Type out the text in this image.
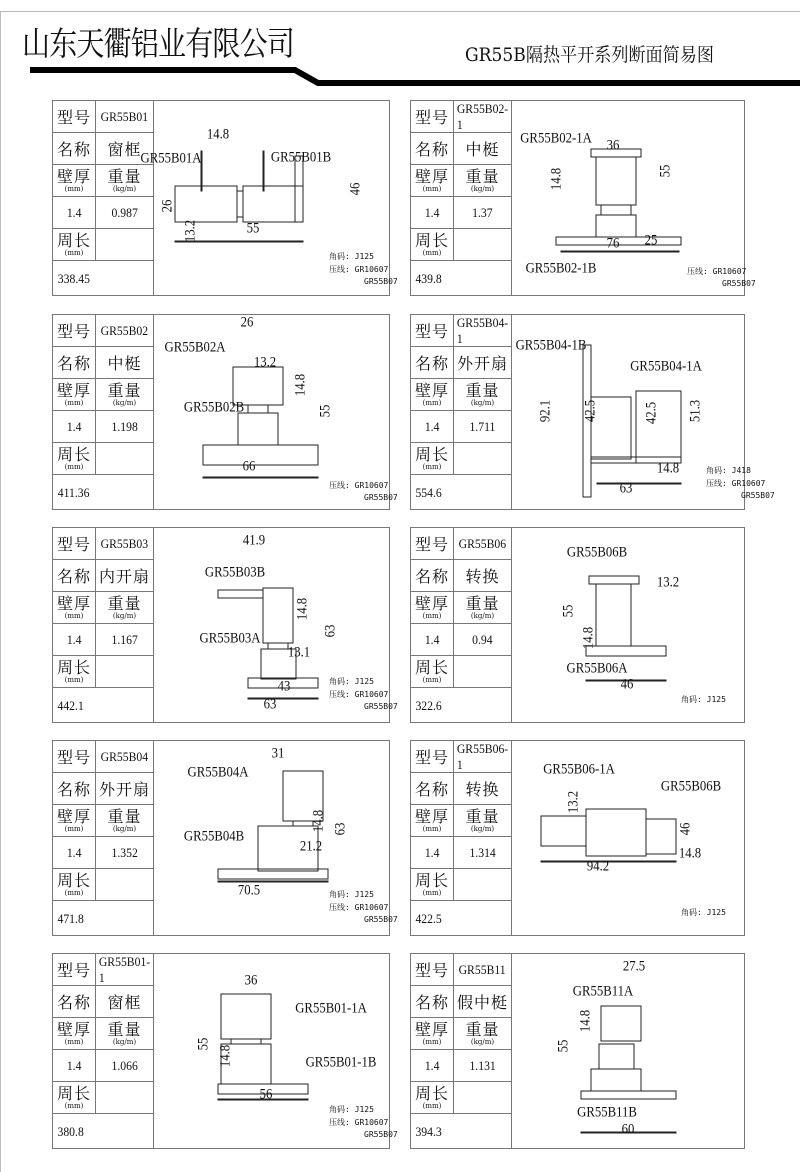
山东天衢铝业有限公司	GR55B隔热平开系列断面简易图
型号 GR55B01
名称 窗框
壁厚
(mm)
重量
(kg/m)
1.4 0.987
周长
(mm)
338.45
14.8
GR55B01A	GR55B01B
26
46
13.2	55
角码: J125
压线: GR10607
GR55B07
型号 GR55B02-1
名称 中梃
壁厚
(mm)
重量
(kg/m)
1.4	1.37
周长
(mm)
439.8
GR55B02-1A 36
14.8	55
76 25
GR55B02-1B	压线: GR10607
GR55B07
型号 GR55B02
名称 中梃
壁厚
(mm)
重量
(kg/m)
1.4 1.198
周长
(mm)
411.36
26
GR55B02A
13.2
14.8
55
GR55B02B
66
压线: GR10607
GR55B07
型号 GR55B04-1
名称 外开扇
壁厚
(mm)
重量
(kg/m)
1.4 1.711
周长
(mm)
554.6
GR55B04-1B
GR55B04-1A
92.1 42.5	42.5 51.3
14.8
63
角码: J418
压线: GR10607
GR55B07
型号 GR55B03
名称 内开扇
壁厚
(mm)
重量
(kg/m)
1.4 1.167
周长
(mm)
442.1
41.9
GR55B03B
14.8
63
GR55B03A
13.1
43
63
角码: J125
压线: GR10607
GR55B07
型号 GR55B06
名称 转换
壁厚
(mm)
重量
(kg/m)
1.4	0.94
周长
(mm)
322.6
GR55B06B
13.2
55
14.8
GR55B06A
46
角码: J125
型号 GR55B04
名称 外开扇
壁厚
(mm)
重量
(kg/m)
1.4 1.352
周长
(mm)
471.8
31
GR55B04A
14.8 63
GR55B04B
21.2
70.5	角码: J125
压线: GR10607
GR55B07
型号 GR55B06-1
名称 转换
壁厚
(mm)
重量
(kg/m)
1.4 1.314
周长
(mm)
422.5
GR55B06-1A
13.2
GR55B06B
46
94.2
14.8
角码: J125
型号 GR55B01-1
名称 窗框
壁厚
(mm)
重量
(kg/m)
1.4 1.066
周长
(mm)
380.8
36
GR55B01-1A
55
14.8	GR55B01-1B
56
角码: J125
压线: GR10607
GR55B07
型号 GR55B11
名称 假中梃
壁厚
(mm)
重量
(kg/m)
1.4 1.131
周长
(mm)
394.3
27.5
GR55B11A
14.8
55
GR55B11B
60
